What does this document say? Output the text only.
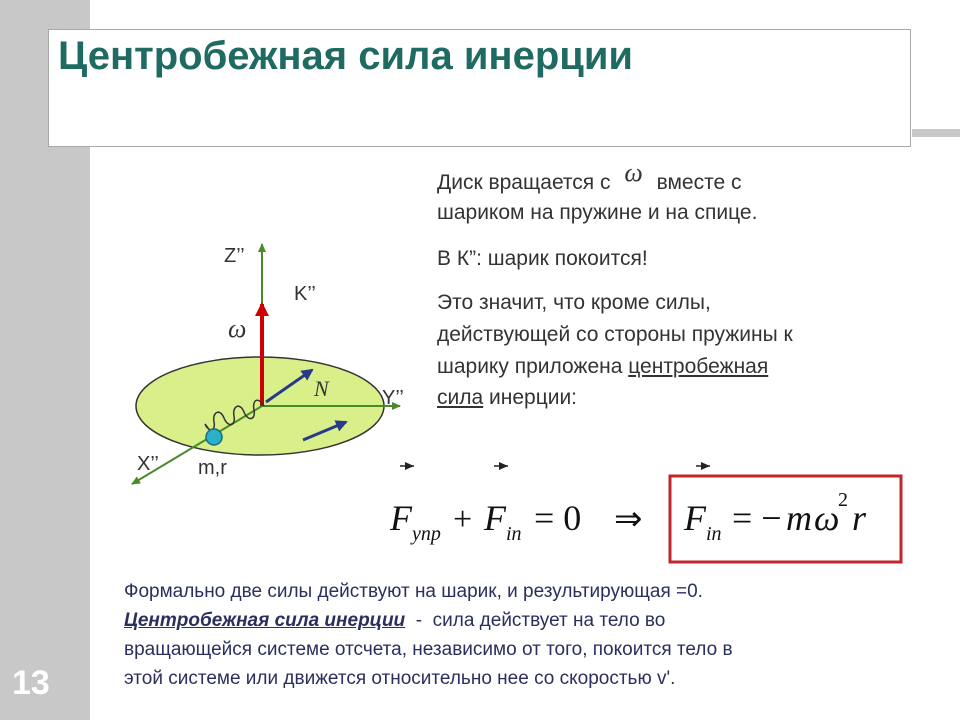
13
Центробежная сила инерции
Z’’
K’’
ω
N	Y’’
X’’ m,r
F упр + F in = 0 ⇒ F in = − m ω
2 r
Диск вращается с ω вместе с
шариком на пружине и на спице.
В К”: шарик покоится!
Это значит, что кроме силы,
действующей со стороны пружины к
шарику приложена центробежная
сила инерции:
Формально две силы действуют на шарик, и результирующая =0.
Центробежная сила инерции  -  сила действует на тело во
вращающейся системе отсчета, независимо от того, покоится тело в
этой системе или движется относительно нее со скоростью v'.
